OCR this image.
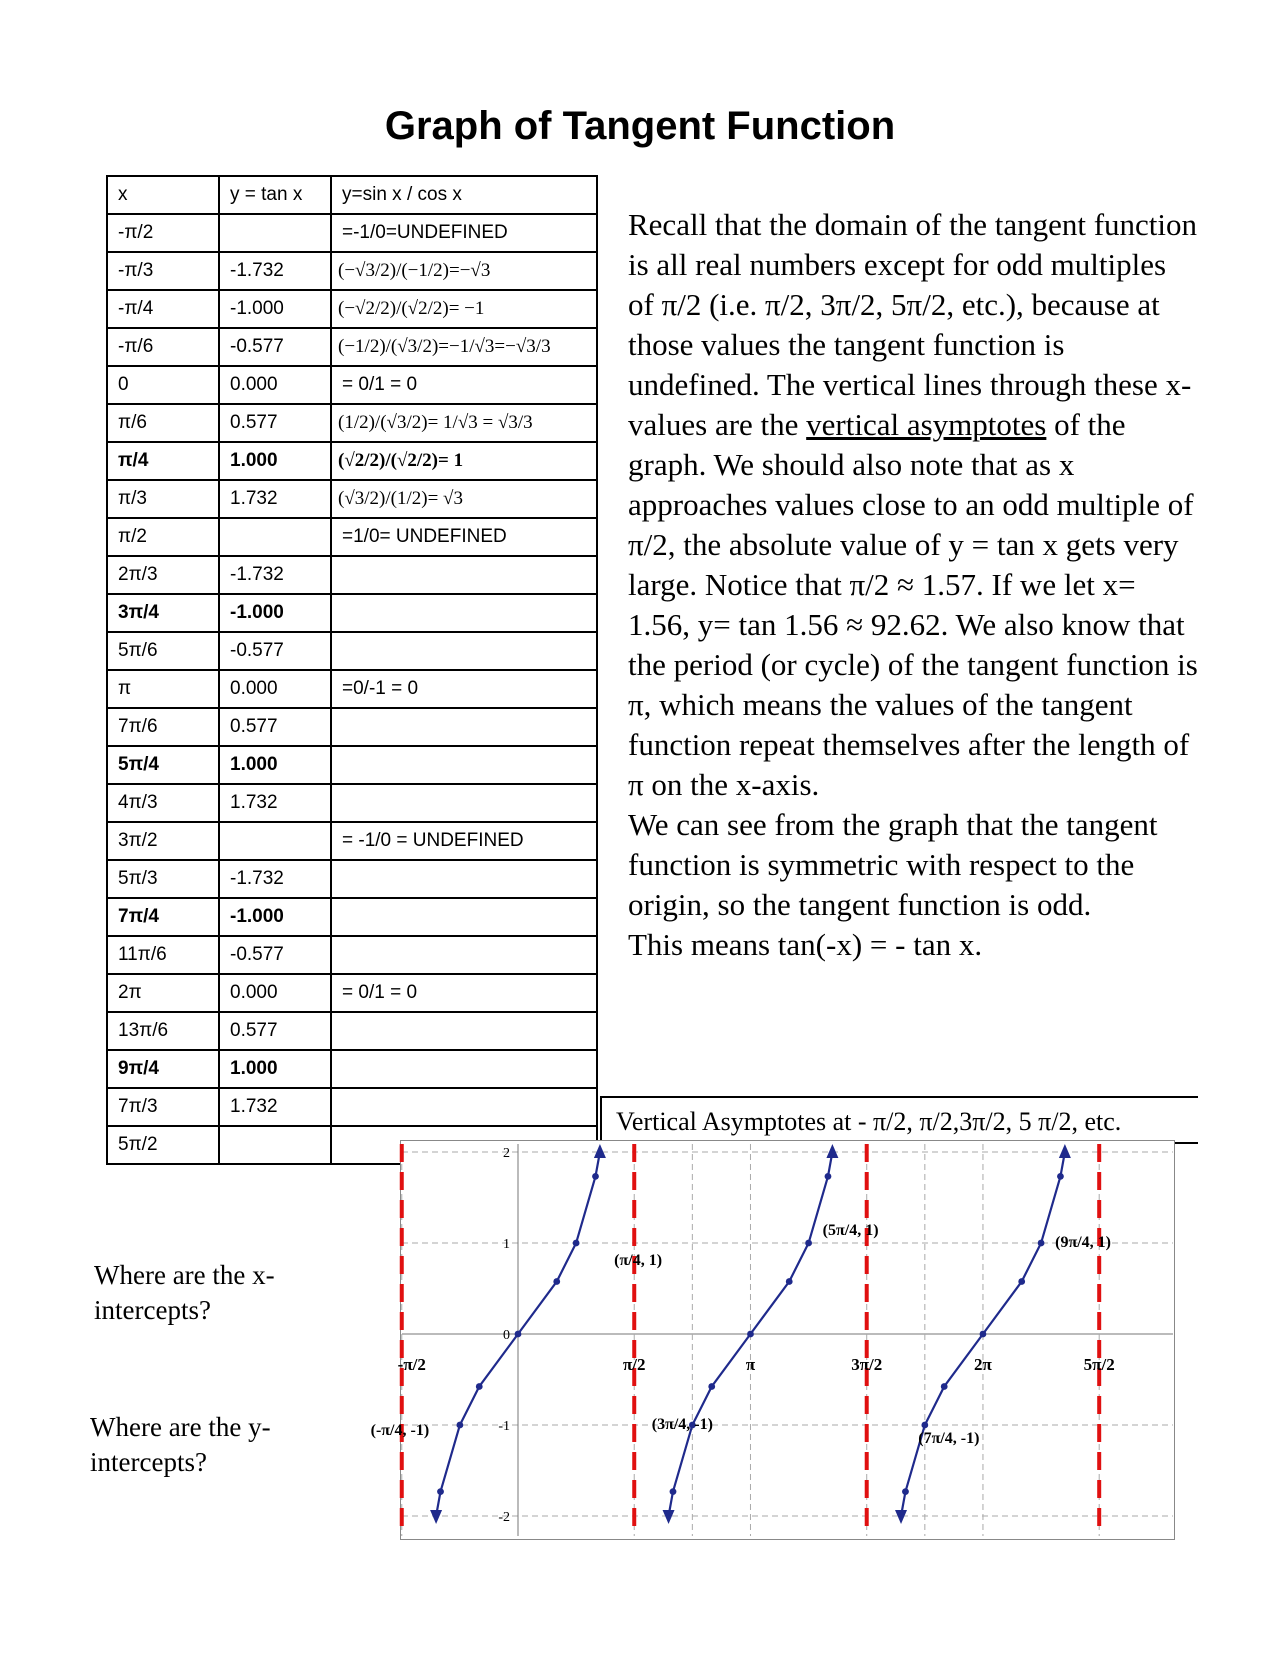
Graph of Tangent Function
x	y = tan x	y=sin x / cos x
-π/2		=-1/0=UNDEFINED
-π/3	-1.732	(−√3/2)/(−1/2)=−√3
-π/4	-1.000	(−√2/2)/(√2/2)= −1
-π/6	-0.577	(−1/2)/(√3/2)=−1/√3=−√3/3
0	0.000	= 0/1 = 0
π/6	0.577	(1/2)/(√3/2)= 1/√3 = √3/3
π/4	1.000	(√2/2)/(√2/2)= 1
π/3	1.732	(√3/2)/(1/2)= √3
π/2		=1/0= UNDEFINED
2π/3	-1.732	
3π/4	-1.000	
5π/6	-0.577	
π	0.000	=0/-1 = 0
7π/6	0.577	
5π/4	1.000	
4π/3	1.732	
3π/2		= -1/0 = UNDEFINED
5π/3	-1.732	
7π/4	-1.000	
11π/6	-0.577	
2π	0.000	= 0/1 = 0
13π/6	0.577	
9π/4	1.000	
7π/3	1.732	
5π/2		

Recall that the domain of the tangent function is all real numbers except for odd multiples of π/2 (i.e. π/2, 3π/2, 5π/2, etc.), because at those values the tangent function is undefined. The vertical lines through these x-values are the vertical asymptotes of the graph. We should also note that as x approaches values close to an odd multiple of π/2, the absolute value of y = tan x gets very large. Notice that π/2 ≈ 1.57. If we let x= 1.56, y= tan 1.56 ≈ 92.62. We also know that the period (or cycle) of the tangent function is π, which means the values of the tangent function repeat themselves after the length of π on the x-axis.

We can see from the graph that the tangent function is symmetric with respect to the origin, so the tangent function is odd.

This means tan(-x) = - tan x.

Where are the x-intercepts?
Where are the y-intercepts?
Vertical Asymptotes at - π/2, π/2,3π/2, 5 π/2, etc.
2
1
0
-1
-2
-π/2	π/2	π	3π/2	2π	5π/2
(π/4, 1)
(5π/4, 1)
(9π/4, 1)
(-π/4, -1)	(3π/4, -1)
(7π/4, -1)
